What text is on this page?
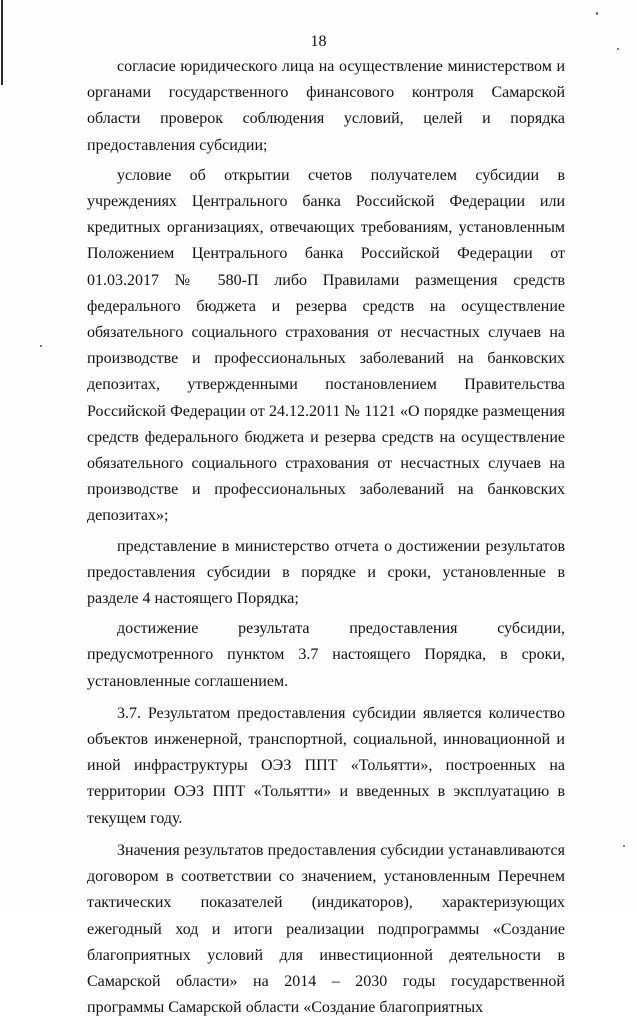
18

согласие юридического лица на осуществление министерством и органами государственного финансового контроля Самарской области проверок соблюдения условий, целей и порядка предоставления субсидии;

условие об открытии счетов получателем субсидии в учреждениях Центрального банка Российской Федерации или кредитных организациях, отвечающих требованиям, установленным Положением Центрального банка Российской Федерации от 01.03.2017 № 580-П либо Правилами размещения средств федерального бюджета и резерва средств на осуществление обязательного социального страхования от несчастных случаев на производстве и профессиональных заболеваний на банковских депозитах, утвержденными постановлением Правительства Российской Федерации от 24.12.2011 № 1121 «О порядке размещения средств федерального бюджета и резерва средств на осуществление обязательного социального страхования от несчастных случаев на производстве и профессиональных заболеваний на банковских депозитах»;

представление в министерство отчета о достижении результатов предоставления субсидии в порядке и сроки, установленные в разделе 4 настоящего Порядка;

достижение результата предоставления субсидии, предусмотренного пунктом 3.7 настоящего Порядка, в сроки, установленные соглашением.

3.7. Результатом предоставления субсидии является количество объектов инженерной, транспортной, социальной, инновационной и иной инфраструктуры ОЭЗ ППТ «Тольятти», построенных на территории ОЭЗ ППТ «Тольятти» и введенных в эксплуатацию в текущем году.

Значения результатов предоставления субсидии устанавливаются договором в соответствии со значением, установленным Перечнем тактических показателей (индикаторов), характеризующих ежегодный ход и итоги реализации подпрограммы «Создание благоприятных условий для инвестиционной деятельности в Самарской области» на 2014 – 2030 годы государственной программы Самарской области «Создание благоприятных
